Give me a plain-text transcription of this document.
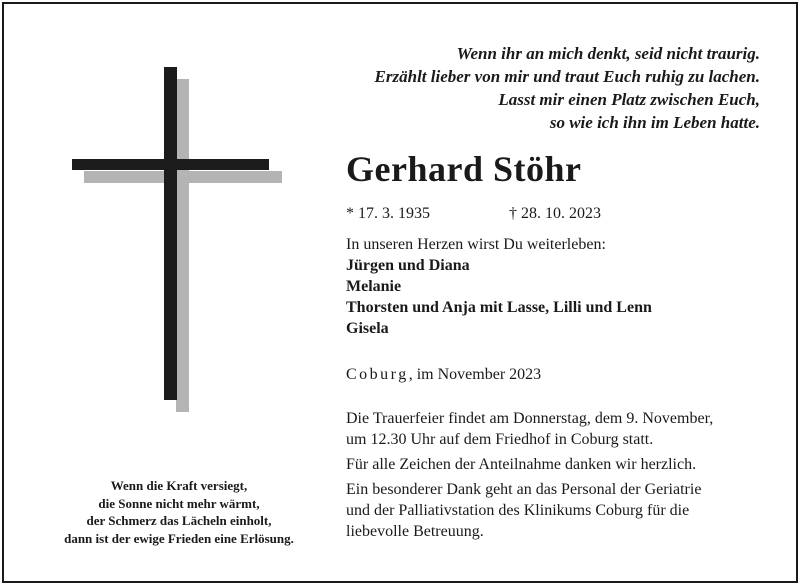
Wenn ihr an mich denkt, seid nicht traurig.
Erzählt lieber von mir und traut Euch ruhig zu lachen.
Lasst mir einen Platz zwischen Euch,
so wie ich ihn im Leben hatte.
Wenn die Kraft versiegt,
die Sonne nicht mehr wärmt,
der Schmerz das Lächeln einholt,
dann ist der ewige Frieden eine Erlösung.
Gerhard Stöhr
* 17. 3. 1935	† 28. 10. 2023
In unseren Herzen wirst Du weiterleben:
Jürgen und Diana
Melanie
Thorsten und Anja mit Lasse, Lilli und Lenn
Gisela
Coburg, im November 2023
Die Trauerfeier findet am Donnerstag, dem 9. November,
um 12.30 Uhr auf dem Friedhof in Coburg statt.
Für alle Zeichen der Anteilnahme danken wir herzlich.
Ein besonderer Dank geht an das Personal der Geriatrie
und der Palliativstation des Klinikums Coburg für die
liebevolle Betreuung.
